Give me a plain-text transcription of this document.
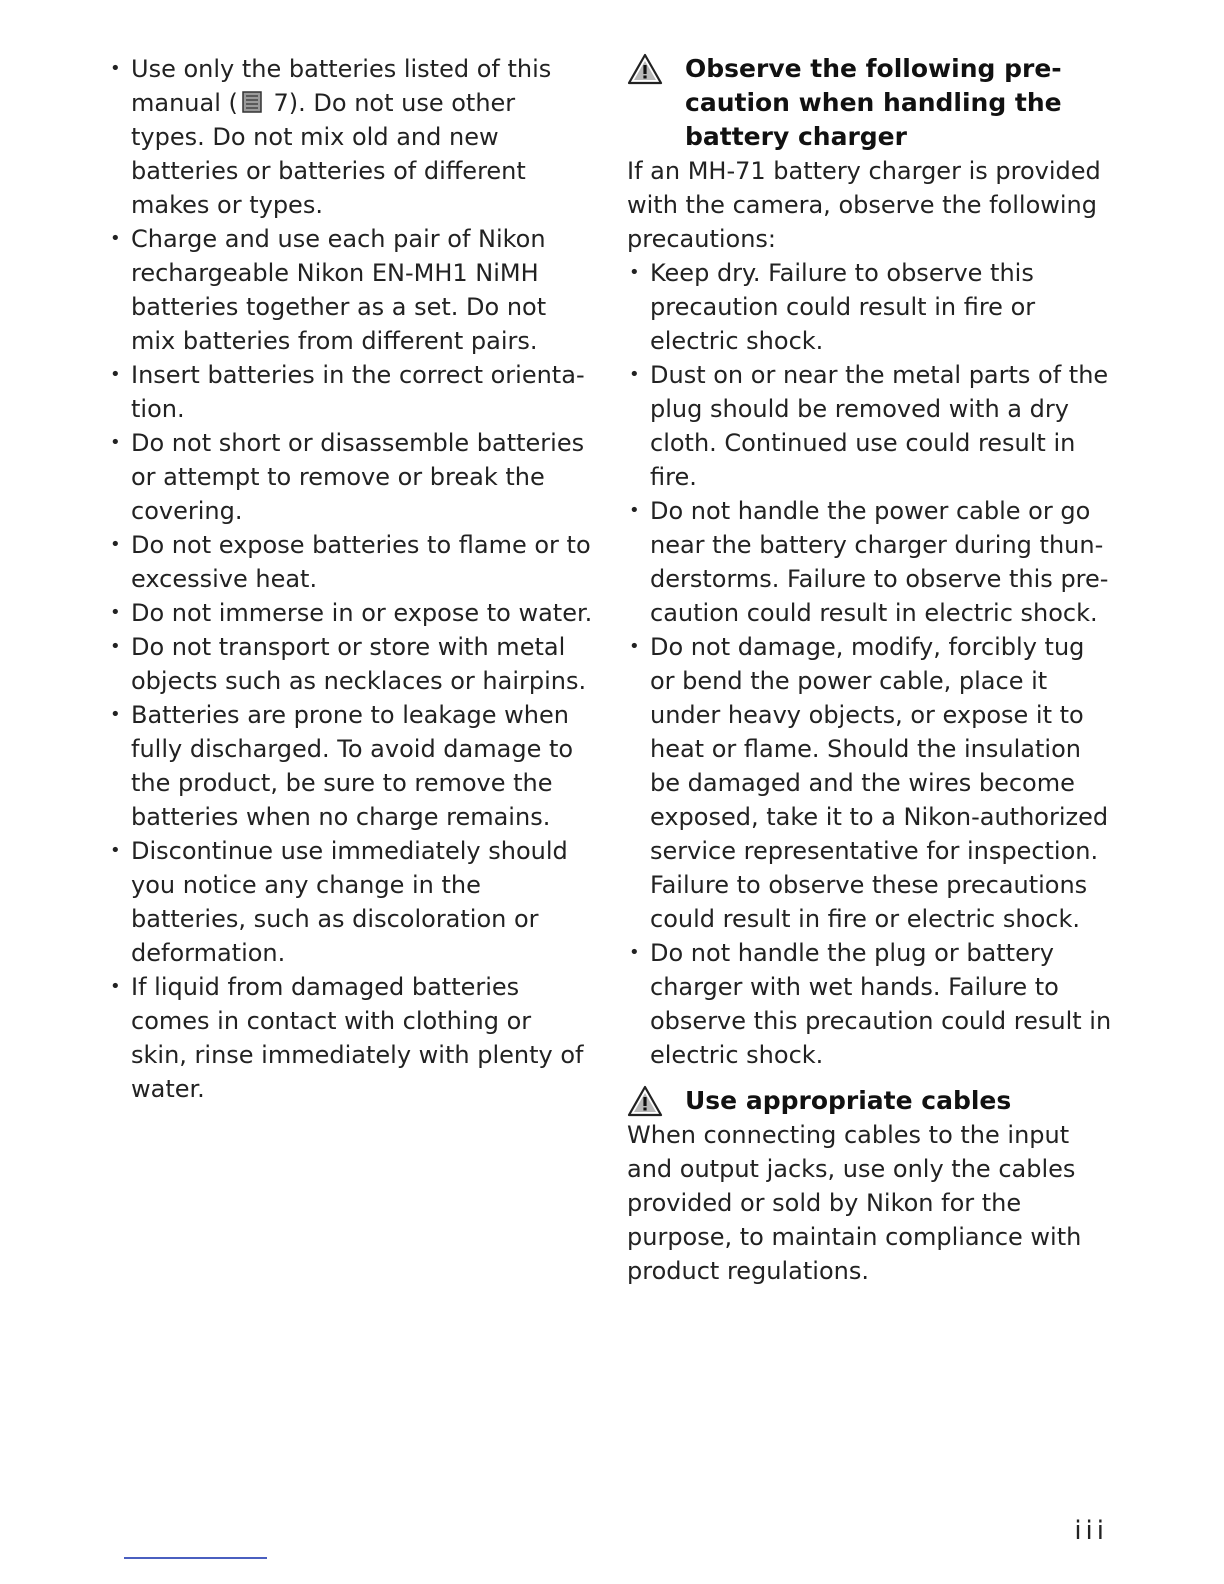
• Use only the batteries listed of this manual ( 7). Do not use other types. Do not mix old and new batteries or batteries of different makes or types.
• Charge and use each pair of Nikon rechargeable Nikon EN-MH1 NiMH batteries together as a set. Do not mix batteries from different pairs.
• Insert batteries in the correct orientation.
• Do not short or disassemble batteries or attempt to remove or break the covering.
• Do not expose batteries to flame or to excessive heat.
• Do not immerse in or expose to water.
• Do not transport or store with metal objects such as necklaces or hairpins.
• Batteries are prone to leakage when fully discharged. To avoid damage to the product, be sure to remove the batteries when no charge remains.
• Discontinue use immediately should you notice any change in the batteries, such as discoloration or deformation.
• If liquid from damaged batteries comes in contact with clothing or skin, rinse immediately with plenty of water.
Observe the following precaution when handling the battery charger

If an MH-71 battery charger is provided with the camera, observe the following precautions:

• Keep dry. Failure to observe this precaution could result in fire or electric shock.
• Dust on or near the metal parts of the plug should be removed with a dry cloth. Continued use could result in fire.
• Do not handle the power cable or go near the battery charger during thunderstorms. Failure to observe this precaution could result in electric shock.
• Do not damage, modify, forcibly tug or bend the power cable, place it under heavy objects, or expose it to heat or flame. Should the insulation be damaged and the wires become exposed, take it to a Nikon-authorized service representative for inspection. Failure to observe these precautions could result in fire or electric shock.
• Do not handle the plug or battery charger with wet hands. Failure to observe this precaution could result in electric shock.
Use appropriate cables

When connecting cables to the input and output jacks, use only the cables provided or sold by Nikon for the purpose, to maintain compliance with product regulations.

iii
